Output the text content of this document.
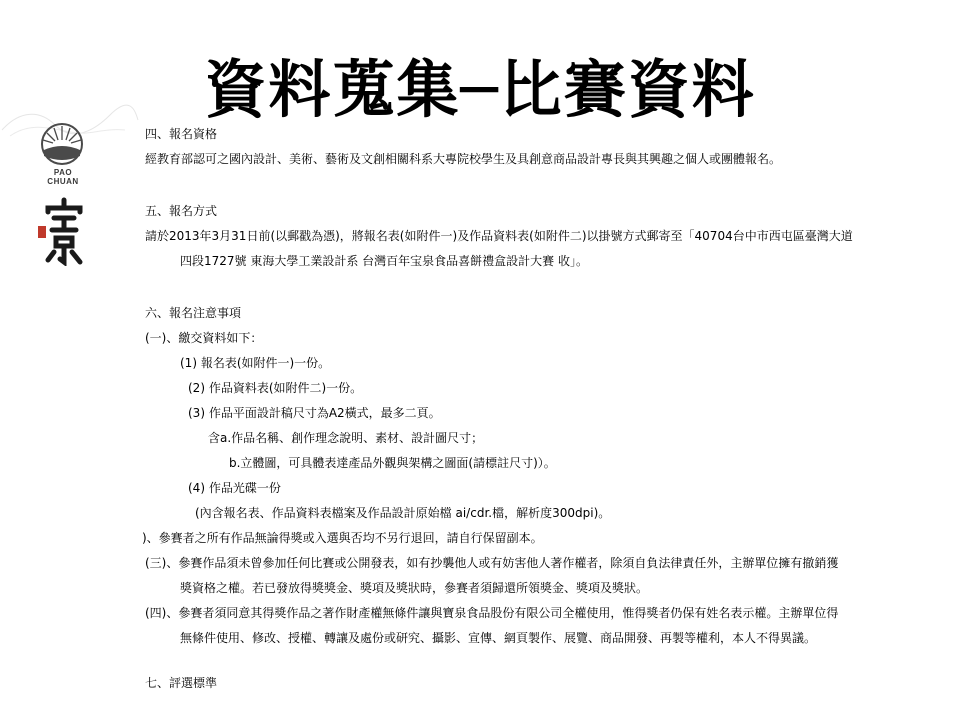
資料蒐集─比賽資料
PAO
CHUAN
四、報名資格
經教育部認可之國內設計、美術、藝術及文創相關科系大專院校學生及具創意商品設計專長與其興趣之個人或團體報名。
五、報名方式
請於2013年3月31日前(以郵戳為憑)，將報名表(如附件一)及作品資料表(如附件二)以掛號方式郵寄至「40704台中市西屯區臺灣大道
四段1727號 東海大學工業設計系 台灣百年宝泉食品喜餅禮盒設計大賽 收」。
六、報名注意事項
(一)、繳交資料如下：
(1) 報名表(如附件一)一份。
(2) 作品資料表(如附件二)一份。
(3) 作品平面設計稿尺寸為A2橫式，最多二頁。
含a.作品名稱、創作理念說明、素材、設計圖尺寸；
b.立體圖，可具體表達產品外觀與架構之圖面(請標註尺寸)）。
(4) 作品光碟一份
(內含報名表、作品資料表檔案及作品設計原始檔 ai/cdr.檔，解析度300dpi)。
)、參賽者之所有作品無論得獎或入選與否均不另行退回，請自行保留副本。
(三)、參賽作品須未曾參加任何比賽或公開發表，如有抄襲他人或有妨害他人著作權者，除須自負法律責任外，主辦單位擁有撤銷獲
獎資格之權。若已發放得獎獎金、獎項及獎狀時，參賽者須歸還所領獎金、獎項及獎狀。
(四)、參賽者須同意其得獎作品之著作財產權無條件讓與寶泉食品股份有限公司全權使用，惟得獎者仍保有姓名表示權。主辦單位得
無條件使用、修改、授權、轉讓及處份或研究、攝影、宣傳、網頁製作、展覽、商品開發、再製等權利，本人不得異議。
七、評選標準
